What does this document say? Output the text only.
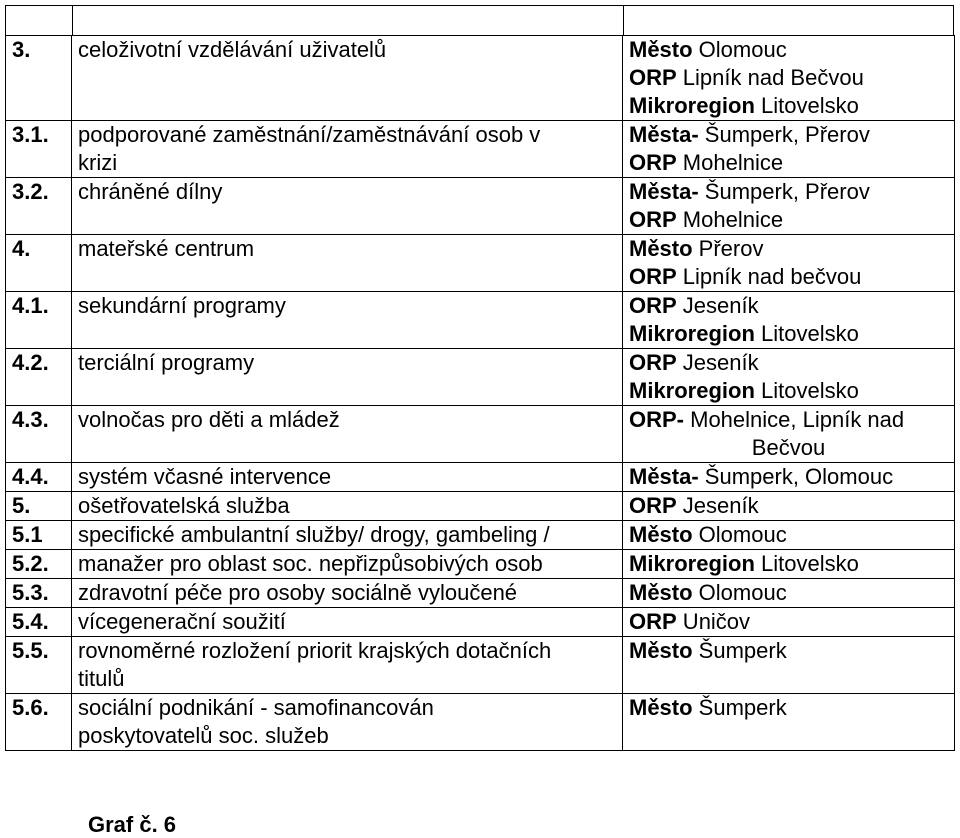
3.	celoživotní vzdělávání uživatelů	Město Olomouc
ORP Lipník nad Bečvou
Mikroregion Litovelsko

3.1.	podporované zaměstnání/zaměstnávání osob v
krizi	Města- Šumperk, Přerov
ORP Mohelnice

3.2.	chráněné dílny	Města- Šumperk, Přerov
ORP Mohelnice

4.	mateřské centrum	Město Přerov
ORP Lipník nad bečvou

4.1.	sekundární programy	ORP Jeseník
Mikroregion Litovelsko

4.2.	terciální programy	ORP Jeseník
Mikroregion Litovelsko

4.3.	volnočas pro děti a mládež	ORP- Mohelnice, Lipník nad
Bečvou

4.4.	systém včasné intervence	Města- Šumperk, Olomouc

5.	ošetřovatelská služba	ORP Jeseník

5.1	specifické ambulantní služby/ drogy, gambeling /	Město Olomouc

5.2.	manažer pro oblast soc. nepřizpůsobivých osob	Mikroregion Litovelsko

5.3.	zdravotní péče pro osoby sociálně vyloučené	Město Olomouc

5.4.	vícegenerační soužití	ORP Uničov

5.5.	rovnoměrné rozložení priorit krajských dotačních
titulů	Město Šumperk

5.6.	sociální podnikání - samofinancován
poskytovatelů soc. služeb	Město Šumperk
Graf č. 6
